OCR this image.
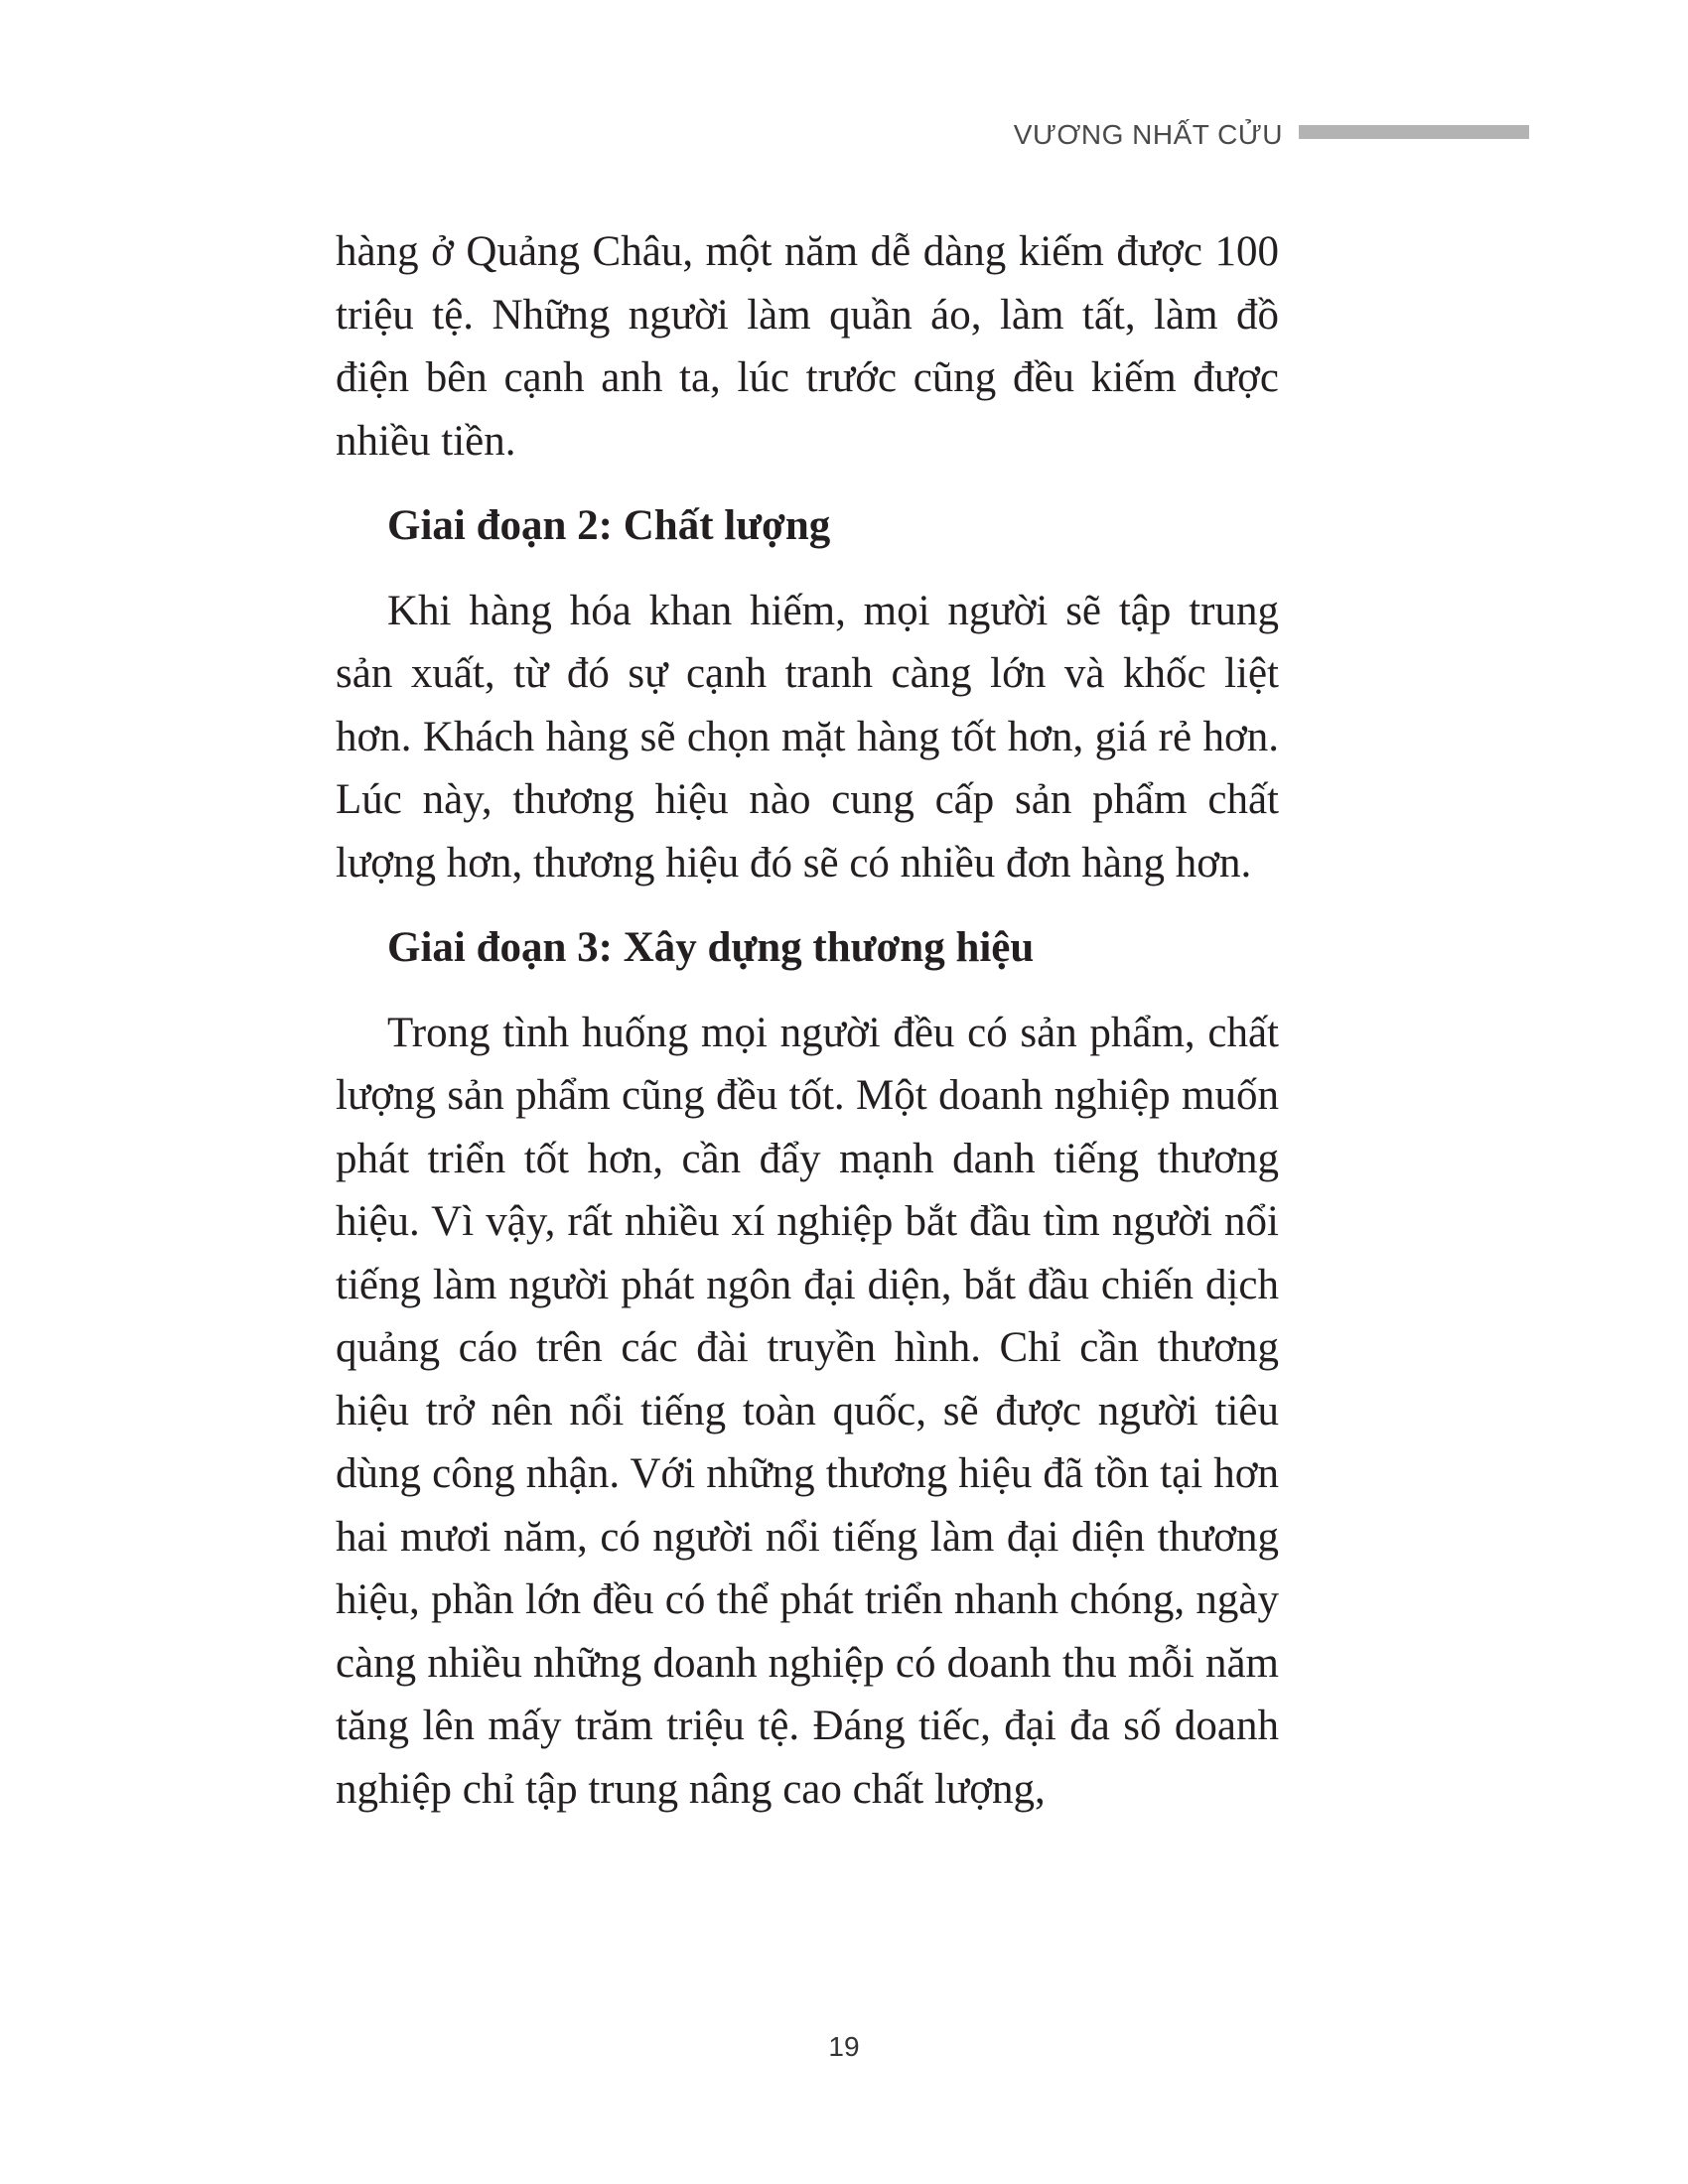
VƯƠNG NHẤT CỬU

hàng ở Quảng Châu, một năm dễ dàng kiếm được 100 triệu tệ. Những người làm quần áo, làm tất, làm đồ điện bên cạnh anh ta, lúc trước cũng đều kiếm được nhiều tiền.

Giai đoạn 2: Chất lượng

Khi hàng hóa khan hiếm, mọi người sẽ tập trung sản xuất, từ đó sự cạnh tranh càng lớn và khốc liệt hơn. Khách hàng sẽ chọn mặt hàng tốt hơn, giá rẻ hơn. Lúc này, thương hiệu nào cung cấp sản phẩm chất lượng hơn, thương hiệu đó sẽ có nhiều đơn hàng hơn.

Giai đoạn 3: Xây dựng thương hiệu

Trong tình huống mọi người đều có sản phẩm, chất lượng sản phẩm cũng đều tốt. Một doanh nghiệp muốn phát triển tốt hơn, cần đẩy mạnh danh tiếng thương hiệu. Vì vậy, rất nhiều xí nghiệp bắt đầu tìm người nổi tiếng làm người phát ngôn đại diện, bắt đầu chiến dịch quảng cáo trên các đài truyền hình. Chỉ cần thương hiệu trở nên nổi tiếng toàn quốc, sẽ được người tiêu dùng công nhận. Với những thương hiệu đã tồn tại hơn hai mươi năm, có người nổi tiếng làm đại diện thương hiệu, phần lớn đều có thể phát triển nhanh chóng, ngày càng nhiều những doanh nghiệp có doanh thu mỗi năm tăng lên mấy trăm triệu tệ. Đáng tiếc, đại đa số doanh nghiệp chỉ tập trung nâng cao chất lượng,

19
